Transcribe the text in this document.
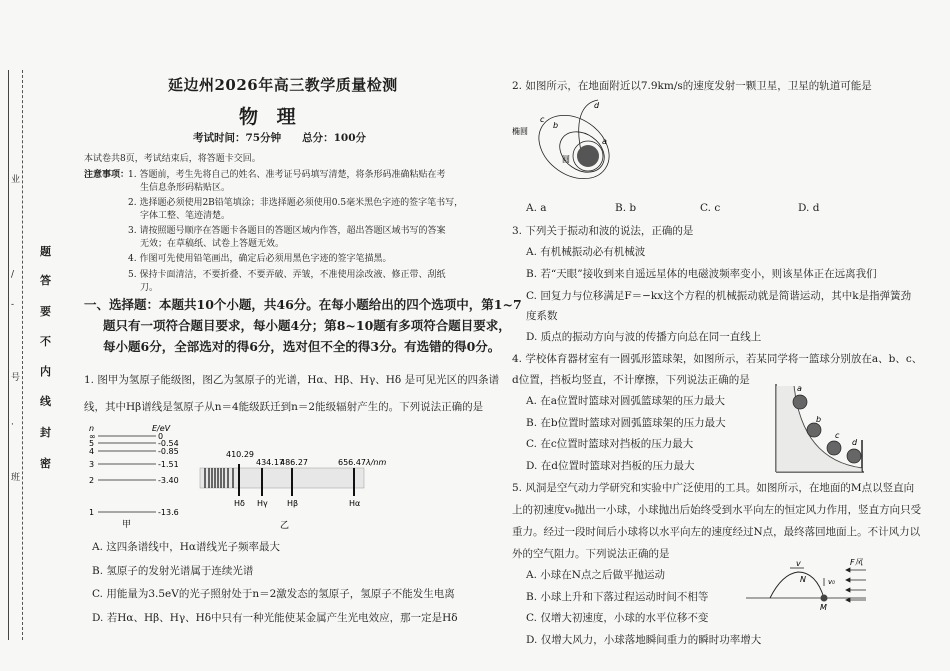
题
答
要
不
内
线
封
密
业
/
-
号
·
班
延边州2026年高三教学质量检测
物 理
考试时间：75分钟　　总分：100分
本试卷共8页，考试结束后，将答题卡交回。
注意事项：
1. 答题前，考生先将自己的姓名、准考证号码填写清楚，将条形码准确粘贴在考
生信息条形码粘贴区。
2. 选择题必须使用2B铅笔填涂；非选择题必须使用0.5毫米黑色字迹的签字笔书写，
字体工整、笔迹清楚。
3. 请按照题号顺序在答题卡各题目的答题区域内作答，超出答题区域书写的答案
无效；在草稿纸、试卷上答题无效。
4. 作图可先使用铅笔画出，确定后必须用黑色字迹的签字笔描黑。
5. 保持卡面清洁，不要折叠、不要弄破、弄皱，不准使用涂改液、修正带、刮纸
刀。
一、选择题：本题共10个小题，共46分。在每小题给出的四个选项中，第1~7
题只有一项符合题目要求，每小题4分；第8~10题有多项符合题目要求，
每小题6分，全部选对的得6分，选对但不全的得3分。有选错的得0分。
1. 图甲为氢原子能级图，图乙为氢原子的光谱，Hα、Hβ、Hγ、Hδ 是可见光区的四条谱
线，其中Hβ谱线是氢原子从n＝4能级跃迁到n＝2能级辐射产生的。下列说法正确的是
n	E/eV
∞	0
5	-0.54
4	-0.85
3	-1.51
2	-3.40
1	-13.6
甲
410.29
434.17
486.27	656.47 λ/nm
Hδ Hγ Hβ	Hα
乙
A. 这四条谱线中，Hα谱线光子频率最大
B. 氢原子的发射光谱属于连续光谱
C. 用能量为3.5eV的光子照射处于n＝2激发态的氢原子，氢原子不能发生电离
D. 若Hα、Hβ、Hγ、Hδ中只有一种光能使某金属产生光电效应，那一定是Hδ
2. 如图所示，在地面附近以7.9km/s的速度发射一颗卫星，卫星的轨道可能是
d
c
b
a
椭圆
圆
A. a	B. b	C. c	D. d
3. 下列关于振动和波的说法，正确的是
A. 有机械振动必有机械波
B. 若“天眼”接收到来自遥远星体的电磁波频率变小，则该星体正在远离我们
C. 回复力与位移满足F＝−kx这个方程的机械振动就是简谐运动，其中k是指弹簧劲
度系数
D. 质点的振动方向与波的传播方向总在同一直线上
4. 学校体育器材室有一圆弧形篮球架，如图所示，若某同学将一篮球分别放在a、b、c、
d位置，挡板均竖直，不计摩擦，下列说法正确的是
A. 在a位置时篮球对圆弧篮球架的压力最大
B. 在b位置时篮球对圆弧篮球架的压力最大
C. 在c位置时篮球对挡板的压力最大
D. 在d位置时篮球对挡板的压力最大
a
b
c
d
5. 风洞是空气动力学研究和实验中广泛使用的工具。如图所示，在地面的M点以竖直向
上的初速度v₀抛出一小球，小球抛出后始终受到水平向左的恒定风力作用，竖直方向只受
重力。经过一段时间后小球将以水平向左的速度经过N点，最终落回地面上。不计风力以
外的空气阻力。下列说法正确的是
A. 小球在N点之后做平抛运动
B. 小球上升和下落过程运动时间不相等
C. 仅增大初速度，小球的水平位移不变
D. 仅增大风力，小球落地瞬间重力的瞬时功率增大
F风
v
N	v₀
M
